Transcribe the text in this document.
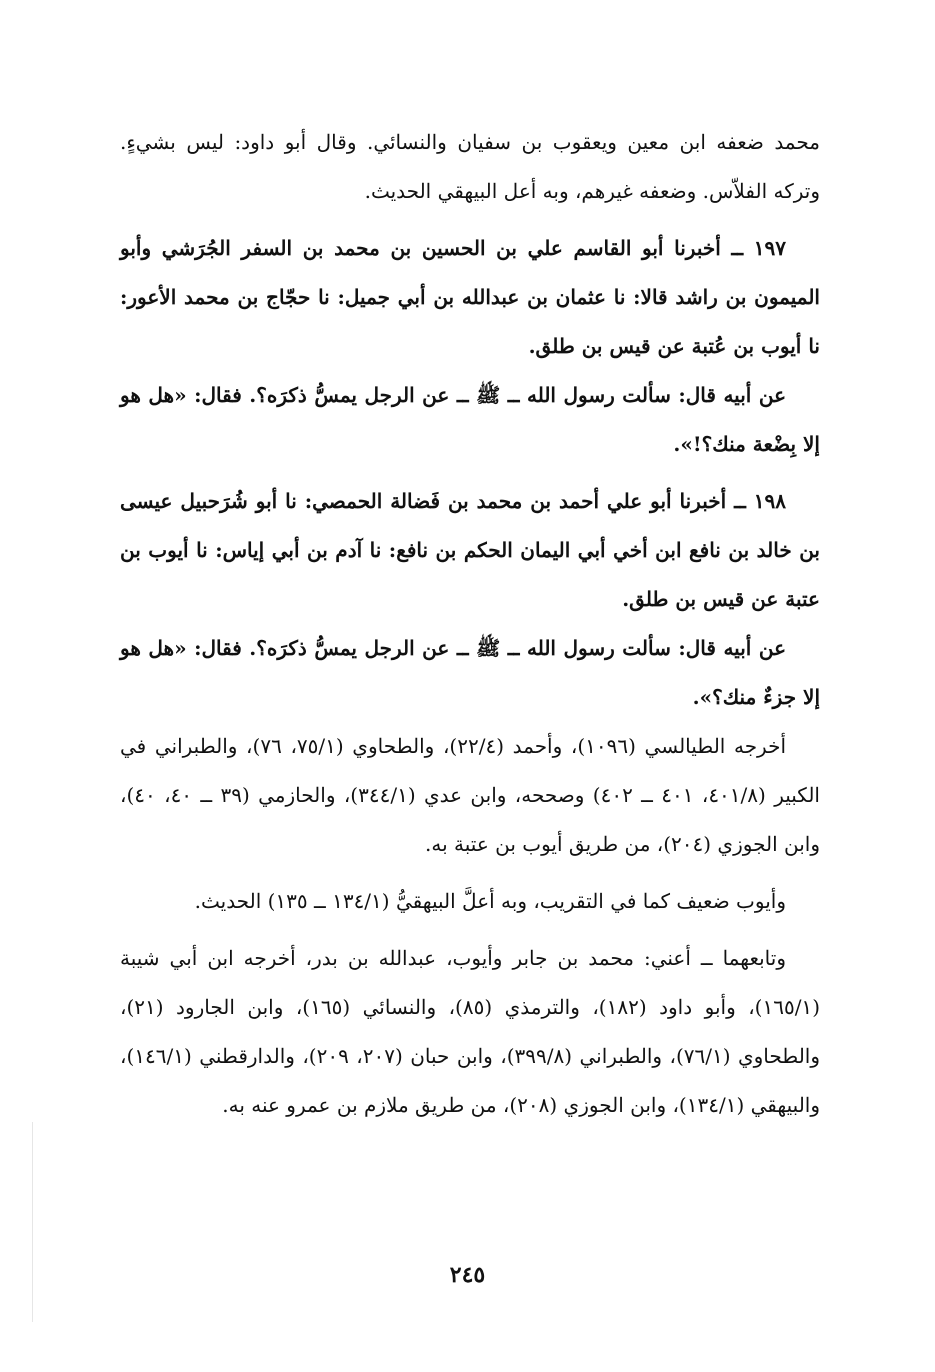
محمد ضعفه ابن معين ويعقوب بن سفيان والنسائي. وقال أبو داود: ليس بشيءٍ. وتركه الفلاّس. وضعفه غيرهم، وبه أعل البيهقي الحديث.

١٩٧ ــ أخبرنا أبو القاسم علي بن الحسين بن محمد بن السفر الجُرَشي وأبو الميمون بن راشد قالا: نا عثمان بن عبدالله بن أبي جميل: نا حجّاج بن محمد الأعور: نا أيوب بن عُتبة عن قيس بن طلق.

عن أبيه قال: سألت رسول الله ــ ﷺ ــ عن الرجل يمسُّ ذكرَه؟. فقال: «هل هو إلا بِضْعة منك؟!».

١٩٨ ــ أخبرنا أبو علي أحمد بن محمد بن فَضالة الحمصي: نا أبو شُرَحبيل عيسى بن خالد بن نافع ابن أخي أبي اليمان الحكم بن نافع: نا آدم بن أبي إياس: نا أيوب بن عتبة عن قيس بن طلق.

عن أبيه قال: سألت رسول الله ــ ﷺ ــ عن الرجل يمسُّ ذكرَه؟. فقال: «هل هو إلا جزءٌ منك؟».

أخرجه الطيالسي (١٠٩٦)، وأحمد (٢٢/٤)، والطحاوي (٧٥/١، ٧٦)، والطبراني في الكبير (٤٠١/٨، ٤٠١ ــ ٤٠٢) وصححه، وابن عدي (٣٤٤/١)، والحازمي (٣٩ ــ ٤٠، ٤٠)، وابن الجوزي (٢٠٤)، من طريق أيوب بن عتبة به.

وأيوب ضعيف كما في التقريب، وبه أعلَّ البيهقيُّ (١٣٤/١ ــ ١٣٥) الحديث.

وتابعهما ــ أعني: محمد بن جابر وأيوب، عبدالله بن بدر، أخرجه ابن أبي شيبة (١٦٥/١)، وأبو داود (١٨٢)، والترمذي (٨٥)، والنسائي (١٦٥)، وابن الجارود (٢١)، والطحاوي (٧٦/١)، والطبراني (٣٩٩/٨)، وابن حبان (٢٠٧، ٢٠٩)، والدارقطني (١٤٦/١)، والبيهقي (١٣٤/١)، وابن الجوزي (٢٠٨)، من طريق ملازم بن عمرو عنه به.

٢٤٥
